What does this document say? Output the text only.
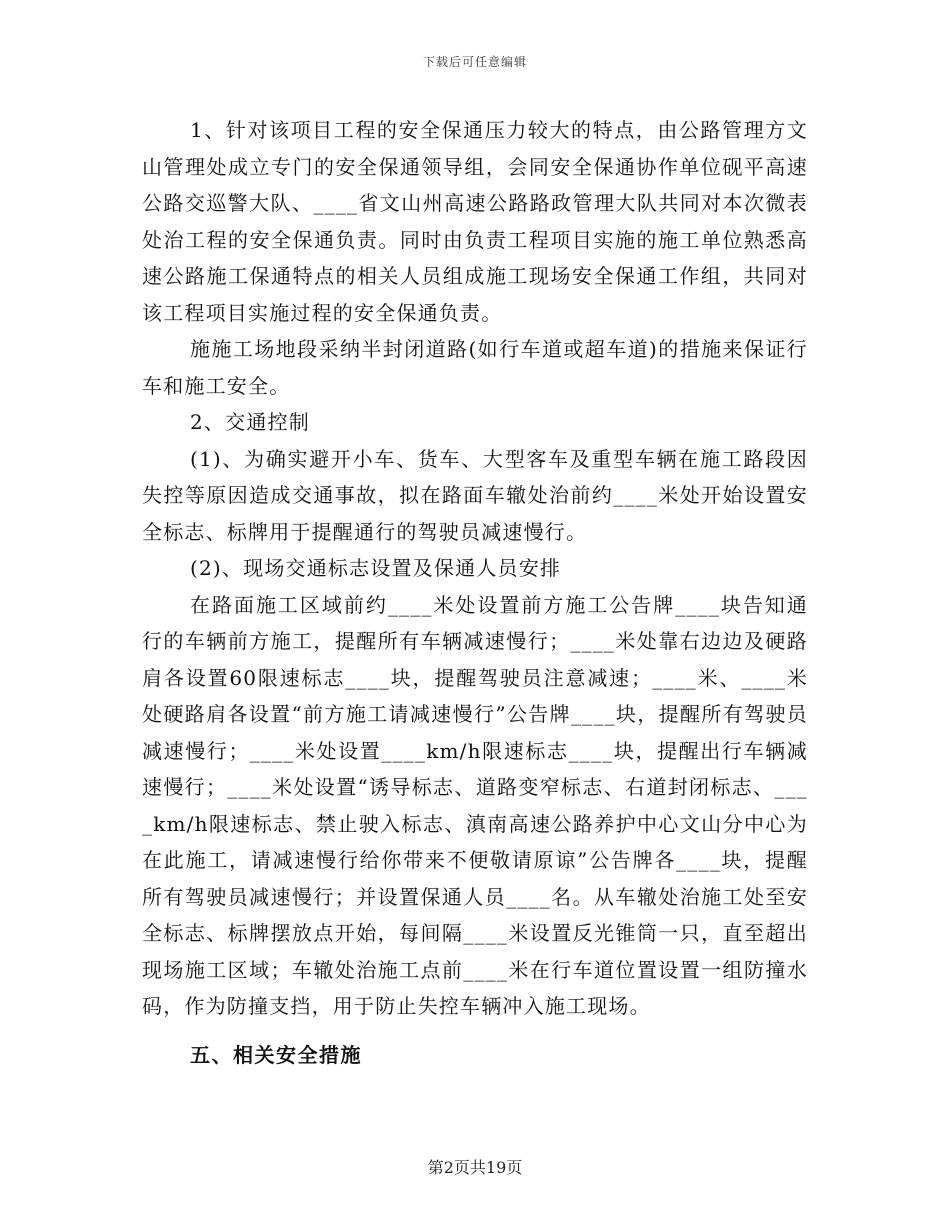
下载后可任意编辑

1、针对该项目工程的安全保通压力较大的特点，由公路管理方文山管理处成立专门的安全保通领导组，会同安全保通协作单位砚平高速公路交巡警大队、____省文山州高速公路路政管理大队共同对本次微表处治工程的安全保通负责。同时由负责工程项目实施的施工单位熟悉高速公路施工保通特点的相关人员组成施工现场安全保通工作组，共同对该工程项目实施过程的安全保通负责。

施施工场地段采纳半封闭道路(如行车道或超车道)的措施来保证行车和施工安全。

2、交通控制

(1)、为确实避开小车、货车、大型客车及重型车辆在施工路段因失控等原因造成交通事故，拟在路面车辙处治前约____米处开始设置安全标志、标牌用于提醒通行的驾驶员减速慢行。

(2)、现场交通标志设置及保通人员安排

在路面施工区域前约____米处设置前方施工公告牌____块告知通行的车辆前方施工，提醒所有车辆减速慢行；____米处靠右边边及硬路肩各设置60限速标志____块，提醒驾驶员注意减速；____米、____米处硬路肩各设置“前方施工请减速慢行”公告牌____块，提醒所有驾驶员减速慢行；____米处设置____km/h限速标志____块，提醒出行车辆减速慢行；____米处设置“诱导标志、道路变窄标志、右道封闭标志、____km/h限速标志、禁止驶入标志、滇南高速公路养护中心文山分中心为在此施工，请减速慢行给你带来不便敬请原谅”公告牌各____块，提醒所有驾驶员减速慢行；并设置保通人员____名。从车辙处治施工处至安全标志、标牌摆放点开始，每间隔____米设置反光锥筒一只，直至超出现场施工区域；车辙处治施工点前____米在行车道位置设置一组防撞水码，作为防撞支挡，用于防止失控车辆冲入施工现场。

五、相关安全措施

第2页共19页
